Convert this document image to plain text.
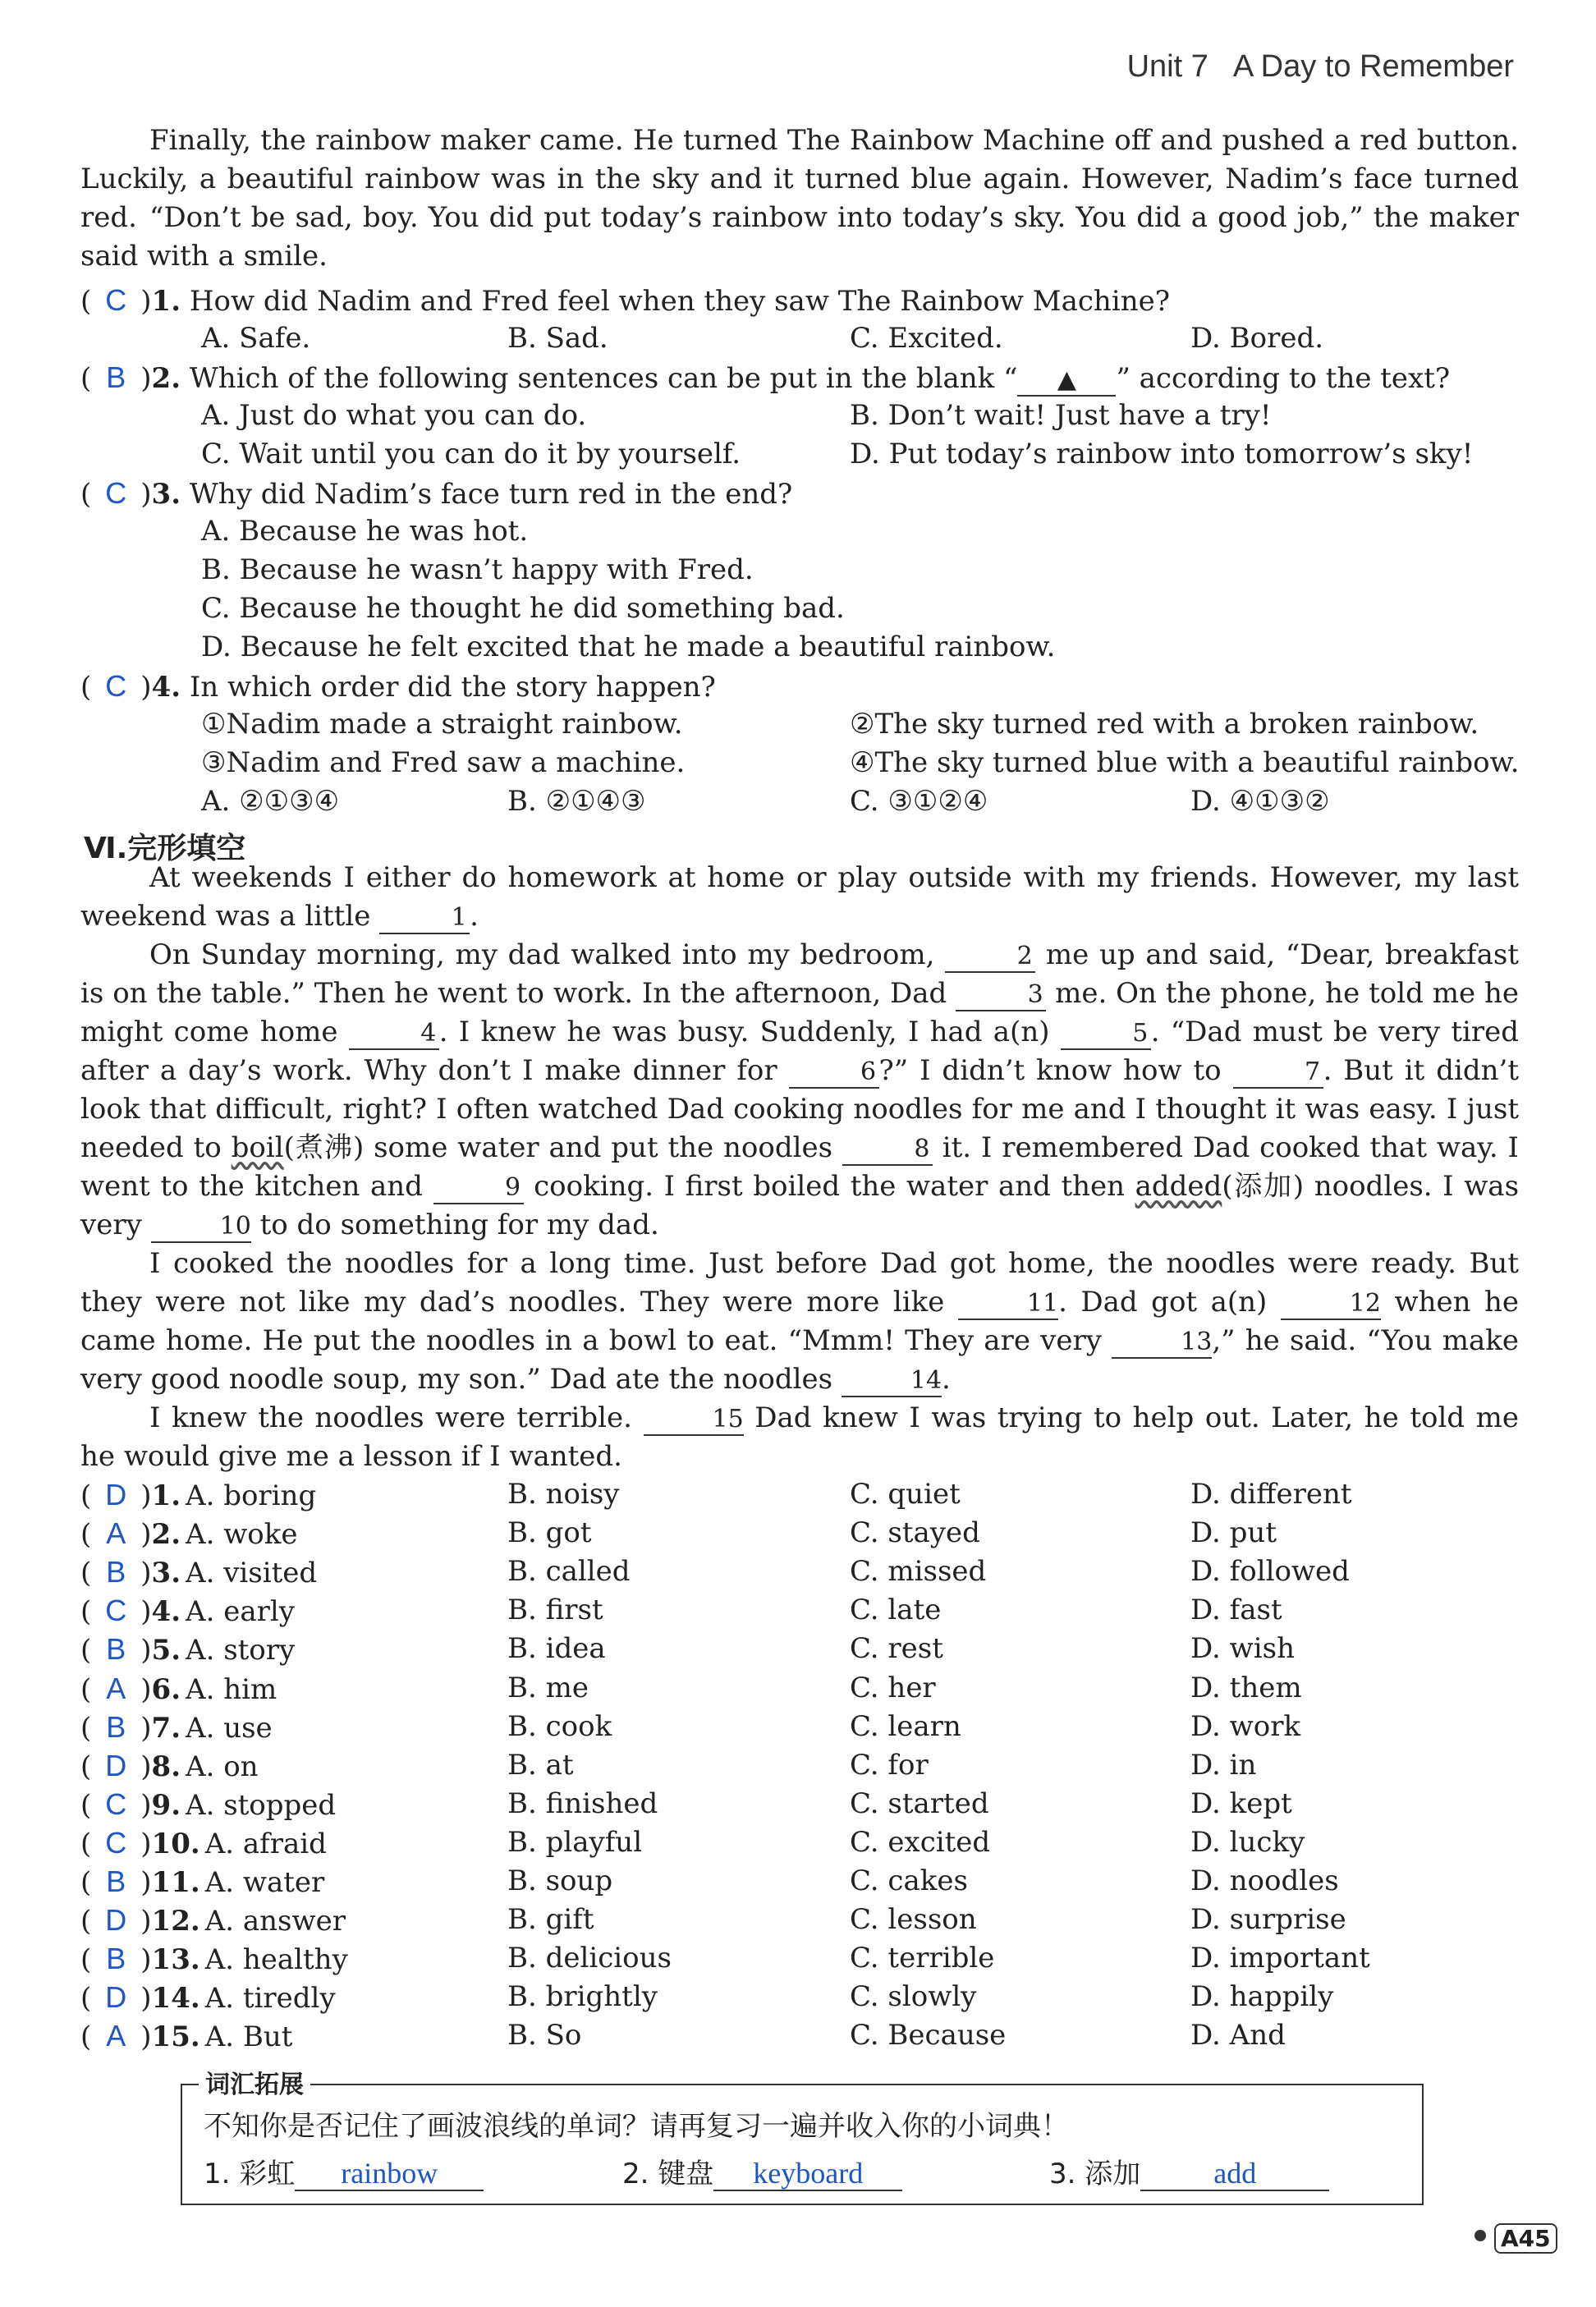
Unit 7 A Day to Remember
Finally, the rainbow maker came. He turned The Rainbow Machine off and pushed a red button. Luckily, a beautiful rainbow was in the sky and it turned blue again. However, Nadim’s face turned red. “Don’t be sad, boy. You did put today’s rainbow into today’s sky. You did a good job,” the maker said with a smile.
( C )1. How did Nadim and Fred feel when they saw The Rainbow Machine?
A. Safe.	B. Sad.	C. Excited.	D. Bored.
( B )2. Which of the following sentences can be put in the blank “ ▲ ” according to the text?
A. Just do what you can do.	B. Don’t wait! Just have a try!
C. Wait until you can do it by yourself.	D. Put today’s rainbow into tomorrow’s sky!
( C )3. Why did Nadim’s face turn red in the end?
A. Because he was hot.
B. Because he wasn’t happy with Fred.
C. Because he thought he did something bad.
D. Because he felt excited that he made a beautiful rainbow.
( C )4. In which order did the story happen?
①Nadim made a straight rainbow.	②The sky turned red with a broken rainbow.
③Nadim and Fred saw a machine.	④The sky turned blue with a beautiful rainbow.
A. ②①③④	B. ②①④③	C. ③①②④	D. ④①③②
Ⅵ.完形填空
At weekends I either do homework at home or play outside with my friends. However, my last weekend was a little	1 .
On Sunday morning, my dad walked into my bedroom,	2 me up and said, “Dear, breakfast is on the table.” Then he went to work. In the afternoon, Dad	3 me. On the phone, he told me he might come home	4 . I knew he was busy. Suddenly, I had a(n)	5 . “Dad must be very tired after a day’s work. Why don’t I make dinner for	6 ?” I didn’t know how to	7 . But it didn’t look that difficult, right? I often watched Dad cooking noodles for me and I thought it was easy. I just needed to boil(煮沸) some water and put the noodles	8 it. I remembered Dad cooked that way. I went to the kitchen and	9 cooking. I first boiled the water and then added(添加) noodles. I was very	10 to do something for my dad.
I cooked the noodles for a long time. Just before Dad got home, the noodles were ready. But they were not like my dad’s noodles. They were more like	11. Dad got a(n)	12 when he came home. He put the noodles in a bowl to eat. “Mmm! They are very	13,” he said. “You make very good noodle soup, my son.” Dad ate the noodles	14.
I knew the noodles were terrible.	15 Dad knew I was trying to help out. Later, he told me he would give me a lesson if I wanted.
( D )1. A. boring	B. noisy	C. quiet	D. different
( A )2. A. woke	B. got	C. stayed	D. put
( B )3. A. visited	B. called	C. missed	D. followed
( C )4. A. early	B. first	C. late	D. fast
( B )5. A. story	B. idea	C. rest	D. wish
( A )6. A. him	B. me	C. her	D. them
( B )7. A. use	B. cook	C. learn	D. work
( D )8. A. on	B. at	C. for	D. in
( C )9. A. stopped	B. finished	C. started	D. kept
( C )10. A. afraid	B. playful	C. excited	D. lucky
( B )11. A. water	B. soup	C. cakes	D. noodles
( D )12. A. answer	B. gift	C. lesson	D. surprise
( B )13. A. healthy	B. delicious	C. terrible	D. important
( D )14. A. tiredly	B. brightly	C. slowly	D. happily
( A )15. A. But	B. So	C. Because	D. And
词汇拓展
不知你是否记住了画波浪线的单词？请再复习一遍并收入你的小词典！
1. 彩虹 rainbow	2. 键盘 keyboard	3. 添加 add
A45
